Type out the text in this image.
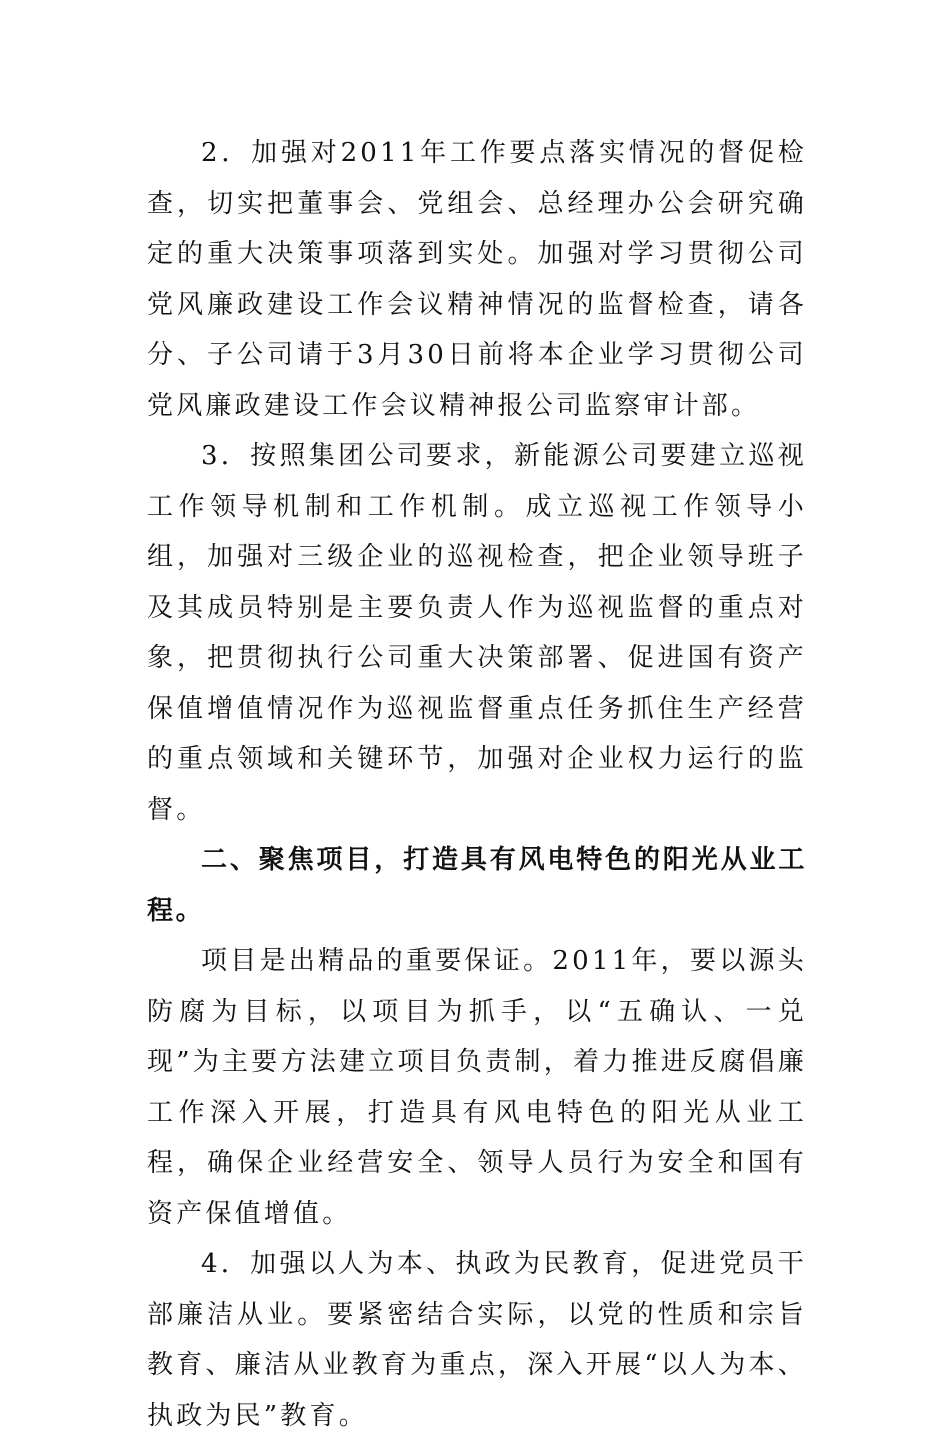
2．加强对2011年工作要点落实情况的督促检查，切实把董事会、党组会、总经理办公会研究确定的重大决策事项落到实处。加强对学习贯彻公司党风廉政建设工作会议精神情况的监督检查，请各分、子公司请于3月30日前将本企业学习贯彻公司党风廉政建设工作会议精神报公司监察审计部。

3．按照集团公司要求，新能源公司要建立巡视工作领导机制和工作机制。成立巡视工作领导小组，加强对三级企业的巡视检查，把企业领导班子及其成员特别是主要负责人作为巡视监督的重点对象，把贯彻执行公司重大决策部署、促进国有资产保值增值情况作为巡视监督重点任务抓住生产经营的重点领域和关键环节，加强对企业权力运行的监督。

二、聚焦项目，打造具有风电特色的阳光从业工程。

项目是出精品的重要保证。2011年，要以源头防腐为目标，以项目为抓手，以“五确认、一兑现”为主要方法建立项目负责制，着力推进反腐倡廉工作深入开展，打造具有风电特色的阳光从业工程，确保企业经营安全、领导人员行为安全和国有资产保值增值。

4．加强以人为本、执政为民教育，促进党员干部廉洁从业。要紧密结合实际，以党的性质和宗旨教育、廉洁从业教育为重点，深入开展“以人为本、执政为民”教育。
